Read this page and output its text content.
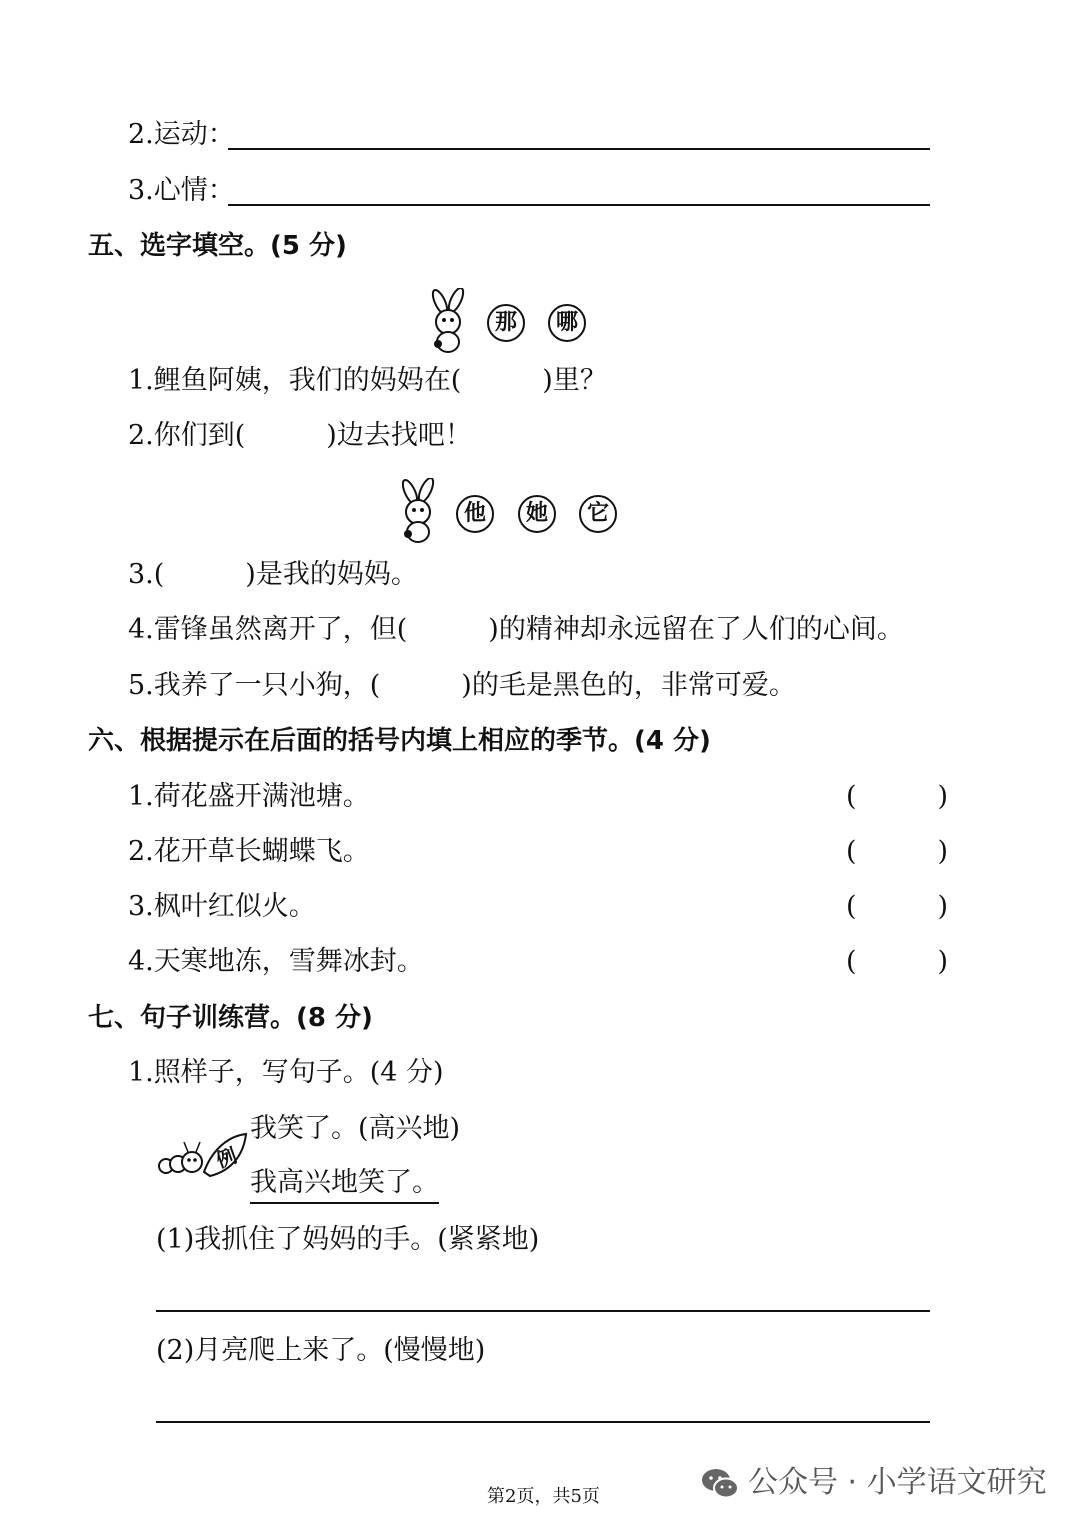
2.运动：
3.心情：
五、选字填空。(5 分)
那	哪
1.鲤鱼阿姨，我们的妈妈在(　　　)里？
2.你们到(　　　)边去找吧！
他	她	它
3.(　　　)是我的妈妈。
4.雷锋虽然离开了，但(　　　)的精神却永远留在了人们的心间。
5.我养了一只小狗，(　　　)的毛是黑色的，非常可爱。
六、根据提示在后面的括号内填上相应的季节。(4 分)
1.荷花盛开满池塘。	(　　　)
2.花开草长蝴蝶飞。	(　　　)
3.枫叶红似火。	(　　　)
4.天寒地冻，雪舞冰封。	(　　　)
七、句子训练营。(8 分)
1.照样子，写句子。(4 分)
例
我笑了。(高兴地)
我高兴地笑了。
(1)我抓住了妈妈的手。(紧紧地)
(2)月亮爬上来了。(慢慢地)
第2页，共5页	公众号 · 小学语文研究
